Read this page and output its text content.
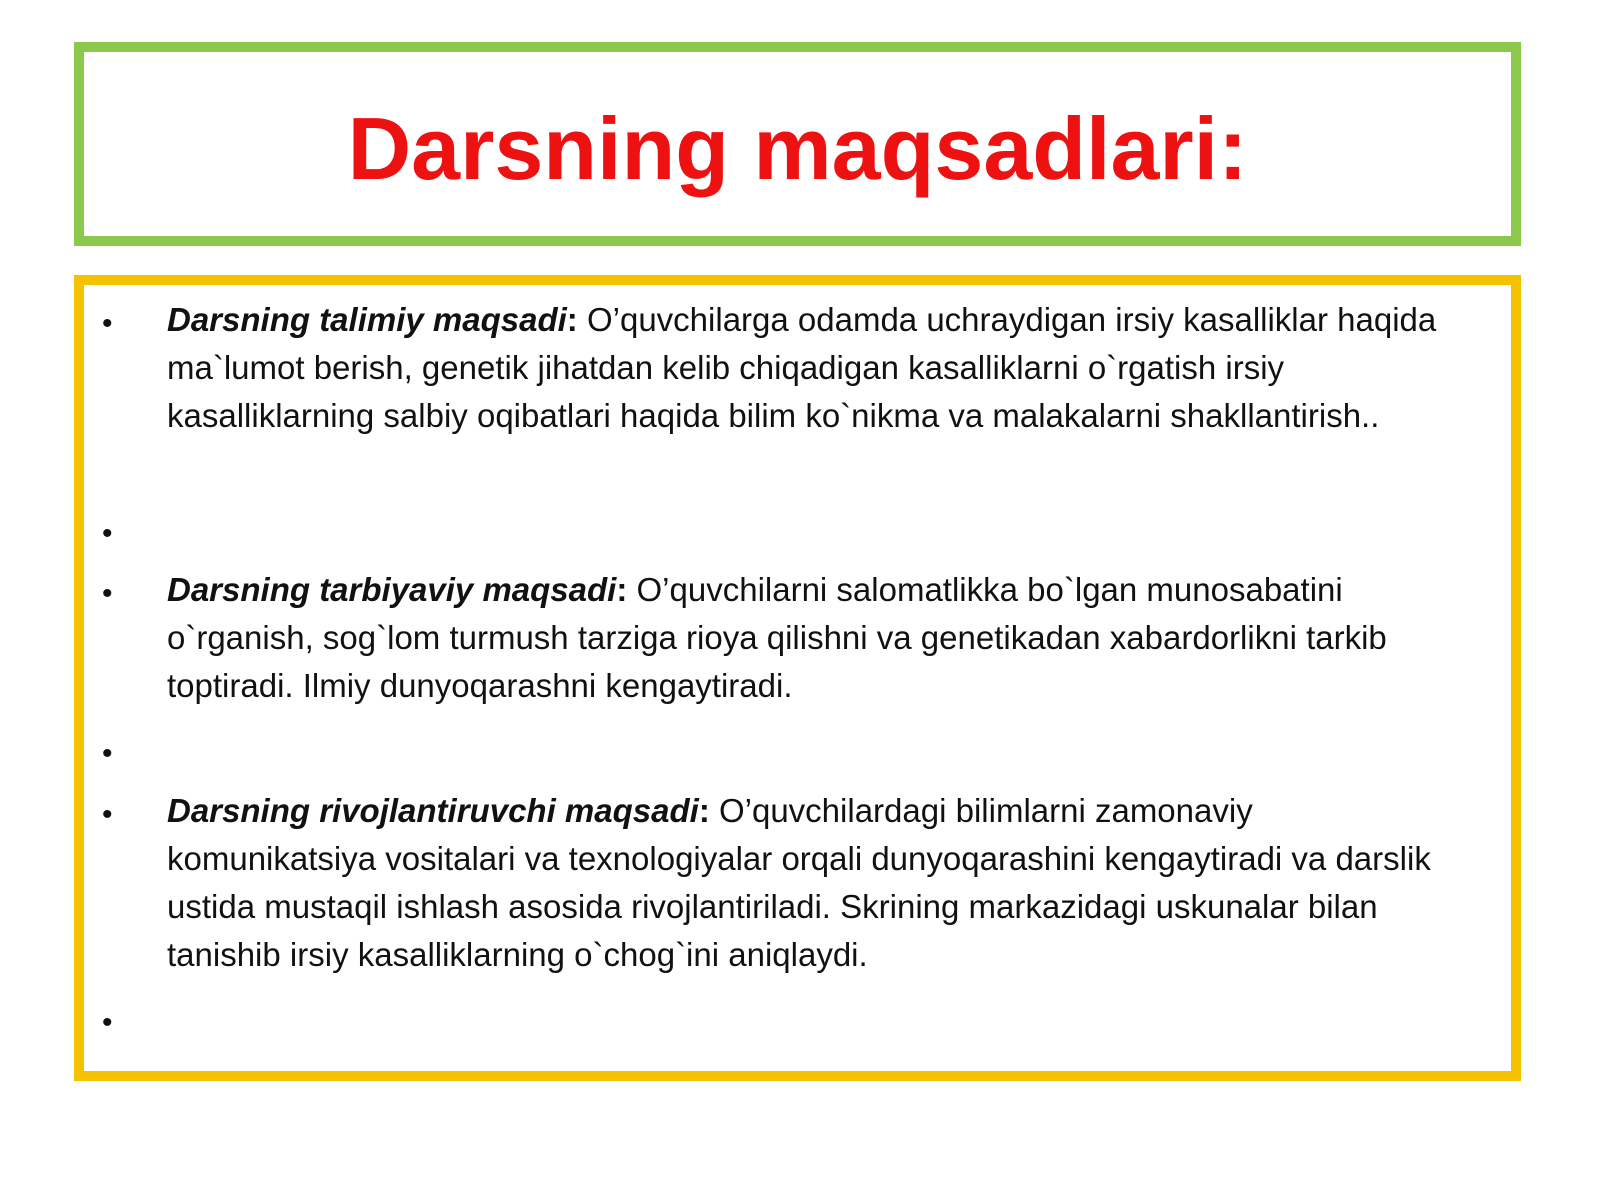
Darsning maqsadlari:
• Darsning talimiy maqsadi: O’quvchilarga odamda uchraydigan irsiy kasalliklar haqida ma`lumot berish, genetik jihatdan kelib chiqadigan kasalliklarni o`rgatish irsiy kasalliklarning salbiy oqibatlari haqida bilim ko`nikma va malakalarni shakllantirish..
•
• Darsning tarbiyaviy maqsadi: O’quvchilarni salomatlikka bo`lgan munosabatini o`rganish, sog`lom turmush tarziga rioya qilishni va genetikadan xabardorlikni tarkib toptiradi. Ilmiy dunyoqarashni kengaytiradi.
•
• Darsning rivojlantiruvchi maqsadi: O’quvchilardagi bilimlarni zamonaviy komunikatsiya vositalari va texnologiyalar orqali dunyoqarashini kengaytiradi va darslik ustida mustaqil ishlash asosida rivojlantiriladi. Skrining markazidagi uskunalar bilan tanishib irsiy kasalliklarning o`chog`ini aniqlaydi.
•
